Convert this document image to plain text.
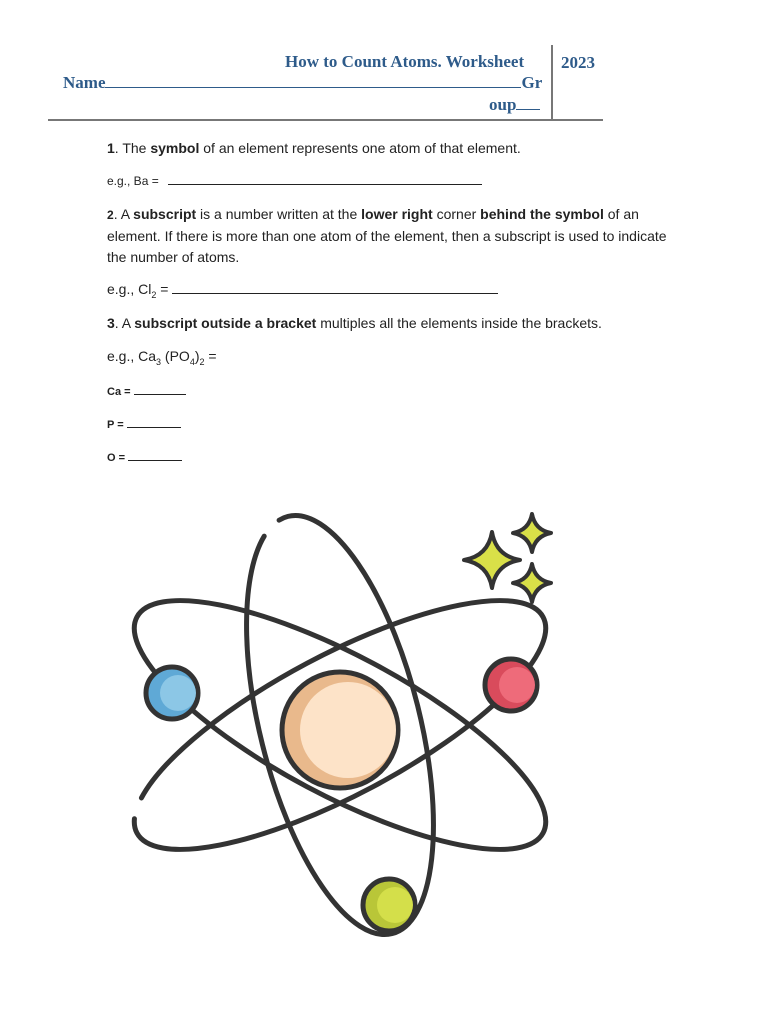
How to Count Atoms. Worksheet
Name	Gr
oup
2023
1. The symbol of an element represents one atom of that element.
e.g., Ba =
2. A subscript is a number written at the lower right corner behind the symbol of an element. If there is more than one atom of the element, then a subscript is used to indicate the number of atoms.
e.g., $Cl_2$ =
3. A subscript outside a bracket multiples all the elements inside the brackets.
e.g., $Ca_3$ $(PO_4)_2$ =
Ca =
P =
O =
